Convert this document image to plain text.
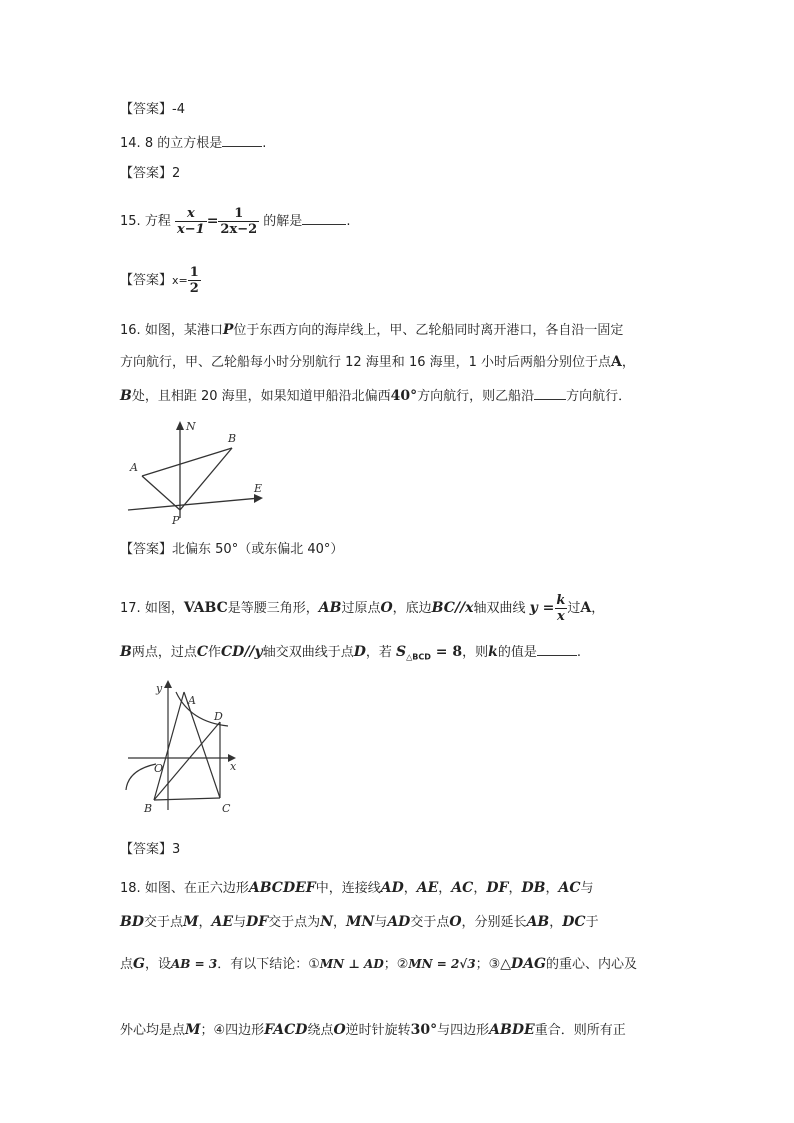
【答案】-4
14. 8 的立方根是	.
【答案】2
15. 方程 $\frac{x}{x-1} = \frac{1}{2x-2}$ 的解是	.
【答案】$x= \frac{1}{2}$
16. 如图，某港口P位于东西方向的海岸线上，甲、乙轮船同时离开港口，各自沿一固定
方向航行，甲、乙轮船每小时分别航行 12 海里和 16 海里，1 小时后两船分别位于点A，
B处，且相距 20 海里，如果知道甲船沿北偏西40°方向航行，则乙船沿 方向航行．
N
B
A
E
P
【答案】北偏东 50°（或东偏北 40°）
17. 如图，VABC是等腰三角形，AB过原点O，底边BC//x轴双曲线 $y = \frac{k}{x}$ 过A，
B两点，过点C作CD//y轴交双曲线于点D，若 $S_{\triangle BCD} = 8$，则k的值是	.
y
A
D
O	x
B	C
【答案】3
18. 如图、在正六边形ABCDEF中，连接线AD，AE，AC，DF，DB，AC与
BD交于点M，AE与DF交于点为N，MN与AD交于点O，分别延长AB，DC于
点G，设AB = 3．有以下结论：①MN ⊥ AD；②MN = 2√3；③△DAG的重心、内心及
外心均是点M；④四边形FACD绕点O逆时针旋转30°与四边形ABDE重合．则所有正
